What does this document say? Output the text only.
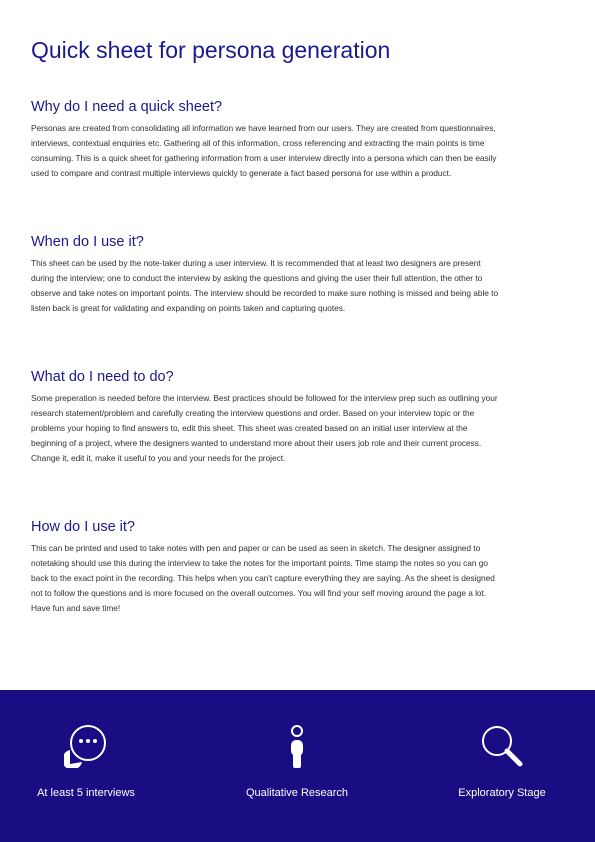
Quick sheet for persona generation
Why do I need a quick sheet?

Personas are created from consolidating all information we have learned from our users. They are created from questionnaires, interviews, contextual enquiries etc. Gathering all of this information, cross referencing and extracting the main points is time consuming. This is a quick sheet for gathering information from a user interview directly into a persona which can then be easily used to compare and contrast multiple interviews quickly to generate a fact based persona for use within a product.

When do I use it?

This sheet can be used by the note-taker during a user interview. It is recommended that at least two designers are present during the interview; one to conduct the interview by asking the questions and giving the user their full attention, the other to observe and take notes on important points. The interview should be recorded to make sure nothing is missed and being able to listen back is great for validating and expanding on points taken and capturing quotes.

What do I need to do?

Some preperation is needed before the interview. Best practices should be followed for the interview prep such as outlining your research statement/problem and carefully creating the interview questions and order. Based on your interview topic or the problems your hoping to find answers to, edit this sheet. This sheet was created based on an initial user interview at the beginning of a project, where the designers wanted to understand more about their users job role and their current process. Change it, edit it, make it useful to you and your needs for the project.

How do I use it?

This can be printed and used to take notes with pen and paper or can be used as seen in sketch. The designer assigned to notetaking should use this during the interview to take the notes for the important points. Time stamp the notes so you can go back to the exact point in the recording. This helps when you can't capture everything they are saying. As the sheet is designed not to follow the questions and is more focused on the overall outcomes. You will find your self moving around the page a lot. Have fun and save time!

At least 5 interviews	Qualitative Research	Exploratory Stage
